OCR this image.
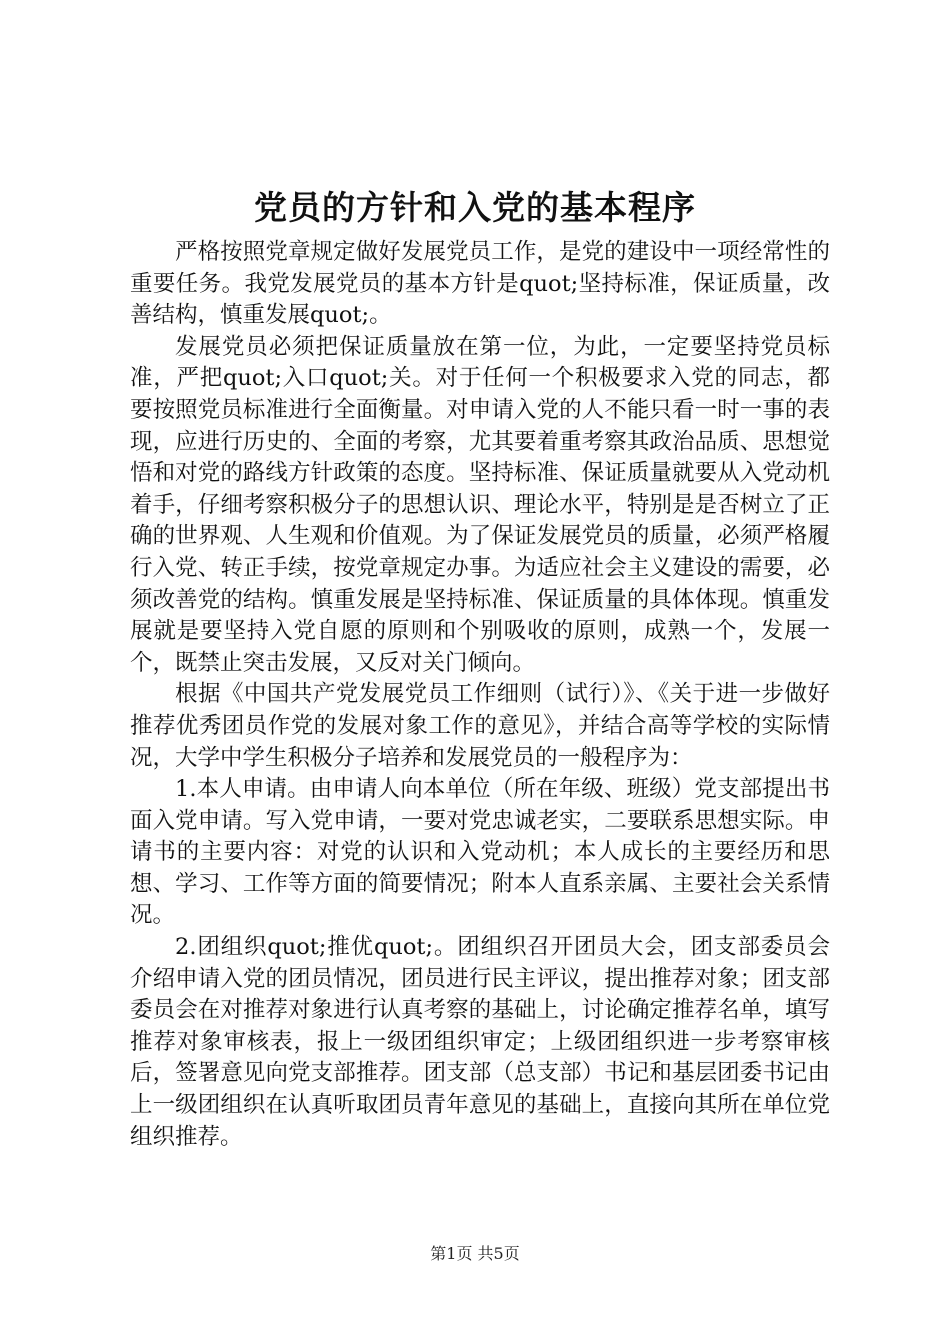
党员的方针和入党的基本程序

严格按照党章规定做好发展党员工作，是党的建设中一项经常性的重要任务。我党发展党员的基本方针是quot;坚持标准，保证质量，改善结构，慎重发展quot;。

发展党员必须把保证质量放在第一位，为此，一定要坚持党员标准，严把quot;入口quot;关。对于任何一个积极要求入党的同志，都要按照党员标准进行全面衡量。对申请入党的人不能只看一时一事的表现，应进行历史的、全面的考察，尤其要着重考察其政治品质、思想觉悟和对党的路线方针政策的态度。坚持标准、保证质量就要从入党动机着手，仔细考察积极分子的思想认识、理论水平，特别是是否树立了正确的世界观、人生观和价值观。为了保证发展党员的质量，必须严格履行入党、转正手续，按党章规定办事。为适应社会主义建设的需要，必须改善党的结构。慎重发展是坚持标准、保证质量的具体体现。慎重发展就是要坚持入党自愿的原则和个别吸收的原则，成熟一个，发展一个，既禁止突击发展，又反对关门倾向。

根据《中国共产党发展党员工作细则（试行）》、《关于进一步做好推荐优秀团员作党的发展对象工作的意见》，并结合高等学校的实际情况，大学中学生积极分子培养和发展党员的一般程序为：

1.本人申请。由申请人向本单位（所在年级、班级）党支部提出书面入党申请。写入党申请，一要对党忠诚老实，二要联系思想实际。申请书的主要内容：对党的认识和入党动机；本人成长的主要经历和思想、学习、工作等方面的简要情况；附本人直系亲属、主要社会关系情况。

2.团组织quot;推优quot;。团组织召开团员大会，团支部委员会介绍申请入党的团员情况，团员进行民主评议，提出推荐对象；团支部委员会在对推荐对象进行认真考察的基础上，讨论确定推荐名单，填写推荐对象审核表，报上一级团组织审定；上级团组织进一步考察审核后，签署意见向党支部推荐。团支部（总支部）书记和基层团委书记由上一级团组织在认真听取团员青年意见的基础上，直接向其所在单位党组织推荐。

第1页 共5页
